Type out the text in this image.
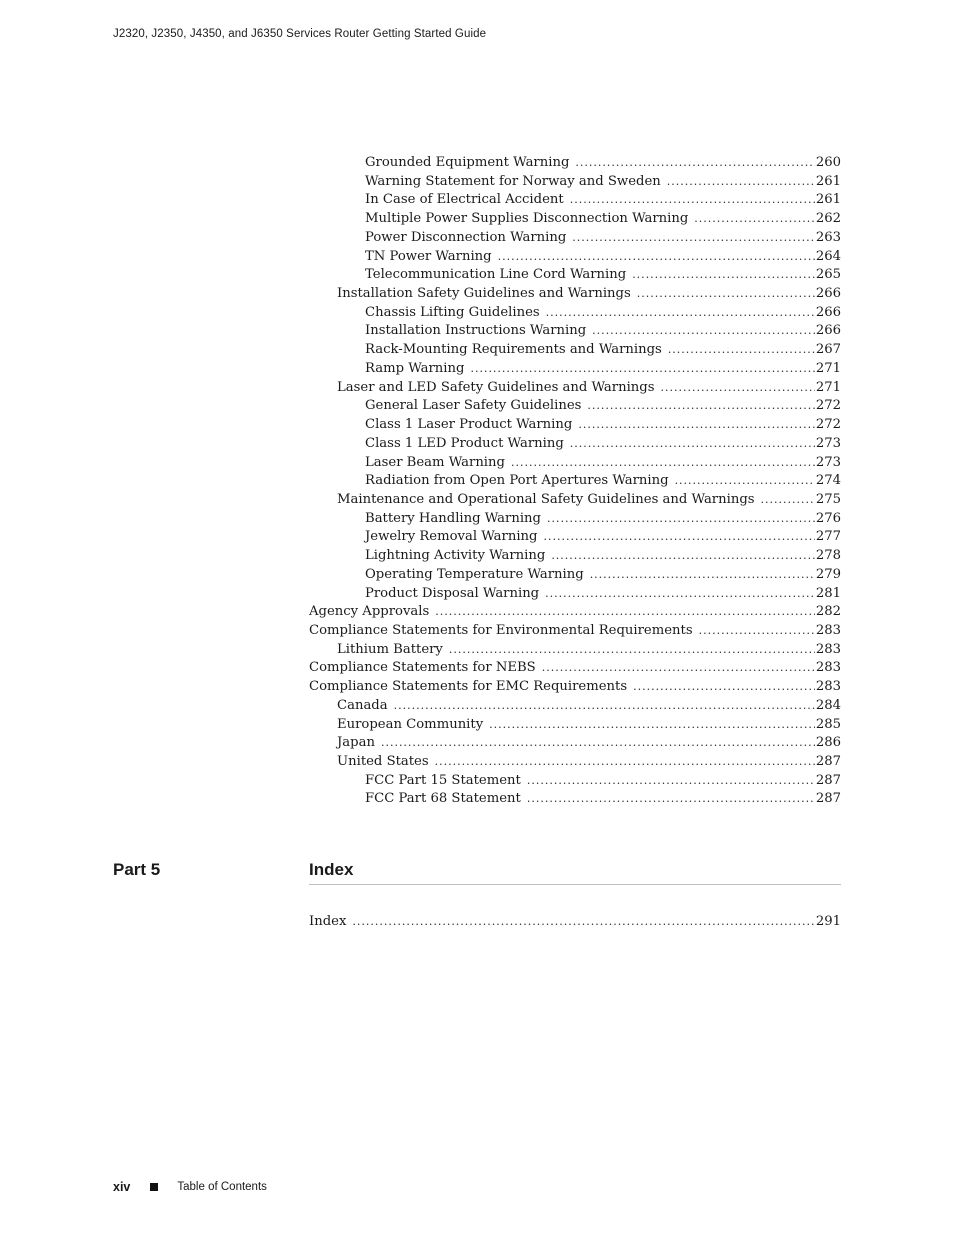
J2320, J2350, J4350, and J6350 Services Router Getting Started Guide
Grounded Equipment Warning .....	260
Warning Statement for Norway and Sweden .....	261
In Case of Electrical Accident .....	261
Multiple Power Supplies Disconnection Warning .....	262
Power Disconnection Warning .....	263
TN Power Warning .....	264
Telecommunication Line Cord Warning .....	265
Installation Safety Guidelines and Warnings .....	266
Chassis Lifting Guidelines .....	266
Installation Instructions Warning .....	266
Rack-Mounting Requirements and Warnings .....	267
Ramp Warning .....	271
Laser and LED Safety Guidelines and Warnings .....	271
General Laser Safety Guidelines .....	272
Class 1 Laser Product Warning .....	272
Class 1 LED Product Warning .....	273
Laser Beam Warning .....	273
Radiation from Open Port Apertures Warning .....	274
Maintenance and Operational Safety Guidelines and Warnings .....	275
Battery Handling Warning .....	276
Jewelry Removal Warning .....	277
Lightning Activity Warning .....	278
Operating Temperature Warning .....	279
Product Disposal Warning .....	281
Agency Approvals .....	282
Compliance Statements for Environmental Requirements .....	283
Lithium Battery .....	283
Compliance Statements for NEBS .....	283
Compliance Statements for EMC Requirements .....	283
Canada .....	284
European Community .....	285
Japan .....	286
United States .....	287
FCC Part 15 Statement .....	287
FCC Part 68 Statement .....	287
Part 5	Index
Index .....	291
xiv	Table of Contents
